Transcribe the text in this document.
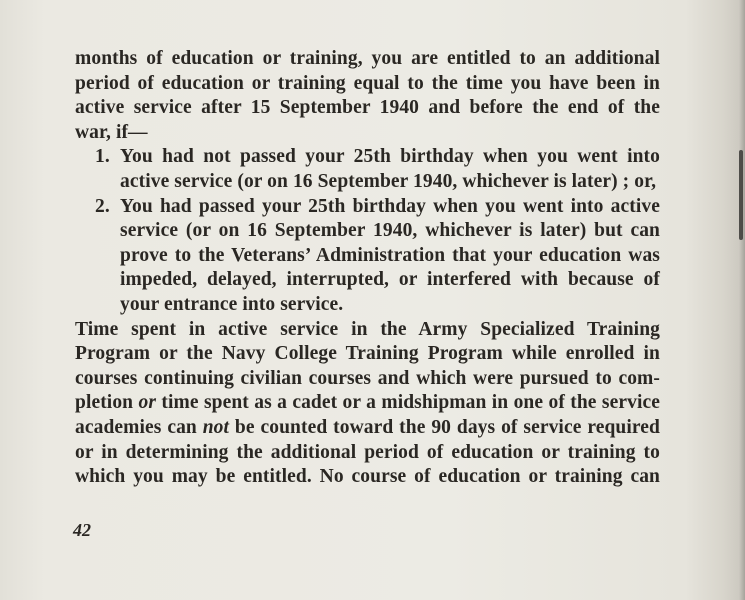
months of education or training, you are entitled to an additional
period of education or training equal to the time you have been in
active service after 15 September 1940 and before the end of the
war, if—
1. You had not passed your 25th birthday when you went into
active service (or on 16 September 1940, whichever is later) ; or,
2. You had passed your 25th birthday when you went into active
service (or on 16 September 1940, whichever is later) but can
prove to the Veterans’ Administration that your education was
impeded, delayed, interrupted, or interfered with because of
your entrance into service.
Time spent in active service in the Army Specialized Training
Program or the Navy College Training Program while enrolled in
courses continuing civilian courses and which were pursued to com-
pletion or time spent as a cadet or a midshipman in one of the service
academies can not be counted toward the 90 days of service required
or in determining the additional period of education or training to
which you may be entitled. No course of education or training can
42
